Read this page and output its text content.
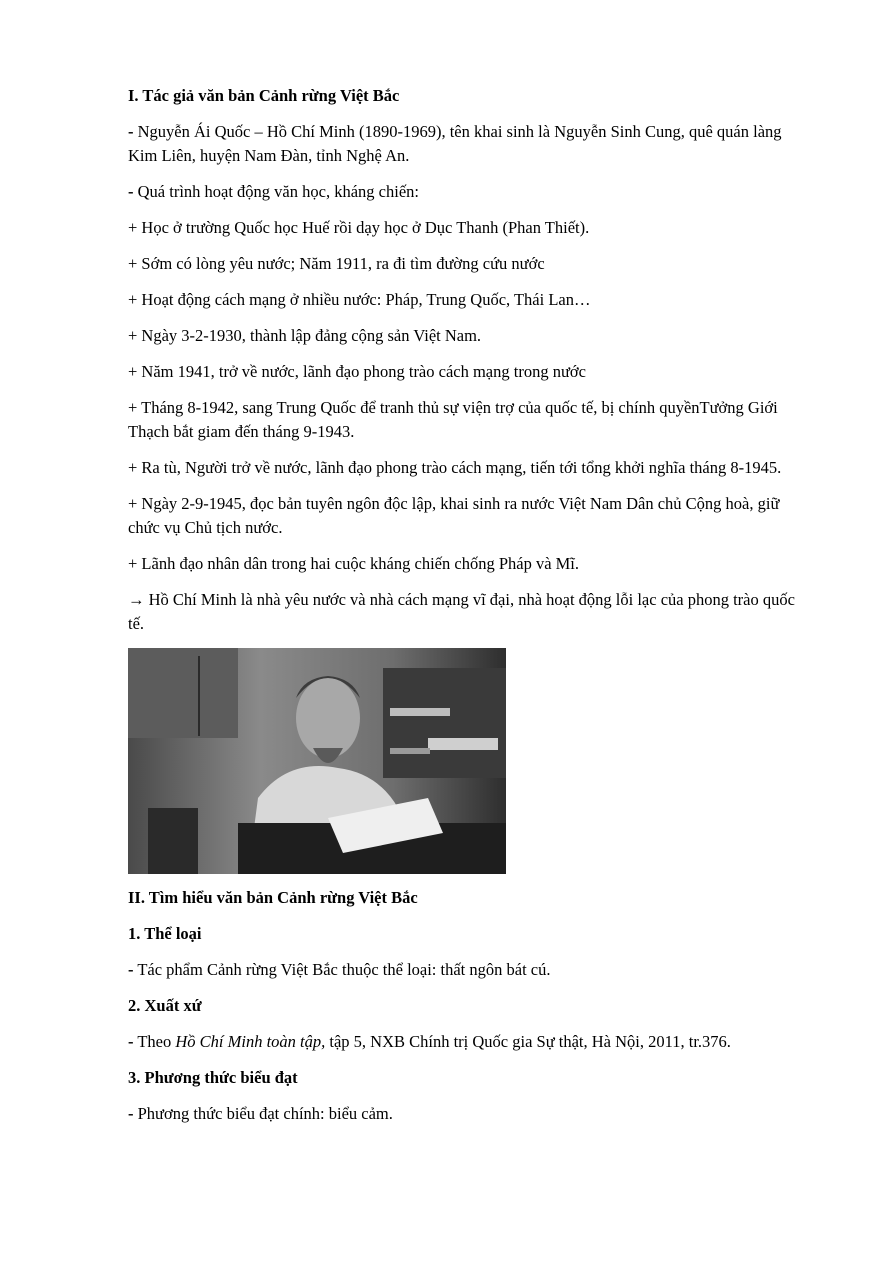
I. Tác giả văn bản Cảnh rừng Việt Bắc

- Nguyễn Ái Quốc – Hồ Chí Minh (1890-1969), tên khai sinh là Nguyễn Sinh Cung, quê quán làng Kim Liên, huyện Nam Đàn, tỉnh Nghệ An.

- Quá trình hoạt động văn học, kháng chiến:

+ Học ở trường Quốc học Huế rồi dạy học ở Dục Thanh (Phan Thiết).

+ Sớm có lòng yêu nước; Năm 1911, ra đi tìm đường cứu nước

+ Hoạt động cách mạng ở nhiều nước: Pháp, Trung Quốc, Thái Lan…

+ Ngày 3-2-1930, thành lập đảng cộng sản Việt Nam.

+ Năm 1941, trở về nước, lãnh đạo phong trào cách mạng trong nước

+ Tháng 8-1942, sang Trung Quốc để tranh thủ sự viện trợ của quốc tế, bị chính quyềnTưởng Giới Thạch bắt giam đến tháng 9-1943.

+ Ra tù, Người trở về nước, lãnh đạo phong trào cách mạng, tiến tới tổng khởi nghĩa tháng 8-1945.

+ Ngày 2-9-1945, đọc bản tuyên ngôn độc lập, khai sinh ra nước Việt Nam Dân chủ Cộng hoà, giữ chức vụ Chủ tịch nước.

+ Lãnh đạo nhân dân trong hai cuộc kháng chiến chống Pháp và Mĩ.

→ Hồ Chí Minh là nhà yêu nước và nhà cách mạng vĩ đại, nhà hoạt động lỗi lạc của phong trào quốc tế.

II. Tìm hiểu văn bản Cảnh rừng Việt Bắc
1. Thể loại

- Tác phẩm Cảnh rừng Việt Bắc thuộc thể loại: thất ngôn bát cú.

2. Xuất xứ

- Theo Hồ Chí Minh toàn tập, tập 5, NXB Chính trị Quốc gia Sự thật, Hà Nội, 2011, tr.376.

3. Phương thức biểu đạt

- Phương thức biểu đạt chính: biểu cảm.
